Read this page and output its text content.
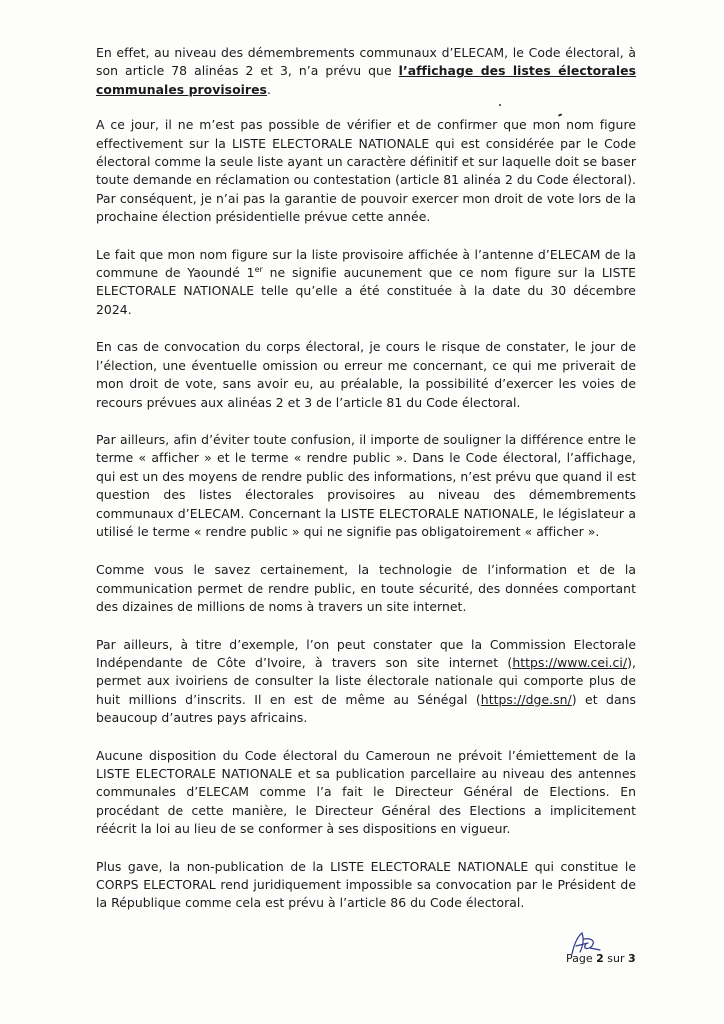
En effet, au niveau des démembrements communaux d’ELECAM, le Code électoral, à son article 78 alinéas 2 et 3, n’a prévu que l’affichage des listes électorales communales provisoires.

A ce jour, il ne m’est pas possible de vérifier et de confirmer que mon nom figure effectivement sur la LISTE ELECTORALE NATIONALE qui est considérée par le Code électoral comme la seule liste ayant un caractère définitif et sur laquelle doit se baser toute demande en réclamation ou contestation (article 81 alinéa 2 du Code électoral). Par conséquent, je n’ai pas la garantie de pouvoir exercer mon droit de vote lors de la prochaine élection présidentielle prévue cette année.

Le fait que mon nom figure sur la liste provisoire affichée à l’antenne d’ELECAM de la commune de Yaoundé 1er ne signifie aucunement que ce nom figure sur la LISTE ELECTORALE NATIONALE telle qu’elle a été constituée à la date du 30 décembre 2024.

En cas de convocation du corps électoral, je cours le risque de constater, le jour de l’élection, une éventuelle omission ou erreur me concernant, ce qui me priverait de mon droit de vote, sans avoir eu, au préalable, la possibilité d’exercer les voies de recours prévues aux alinéas 2 et 3 de l’article 81 du Code électoral.

Par ailleurs, afin d’éviter toute confusion, il importe de souligner la différence entre le terme « afficher » et le terme « rendre public ». Dans le Code électoral, l’affichage, qui est un des moyens de rendre public des informations, n’est prévu que quand il est question des listes électorales provisoires au niveau des démembrements communaux d’ELECAM. Concernant la LISTE ELECTORALE NATIONALE, le législateur a utilisé le terme « rendre public » qui ne signifie pas obligatoirement « afficher ».

Comme vous le savez certainement, la technologie de l’information et de la communication permet de rendre public, en toute sécurité, des données comportant des dizaines de millions de noms à travers un site internet.

Par ailleurs, à titre d’exemple, l’on peut constater que la Commission Electorale Indépendante de Côte d’Ivoire, à travers son site internet (https://www.cei.ci/), permet aux ivoiriens de consulter la liste électorale nationale qui comporte plus de huit millions d’inscrits. Il en est de même au Sénégal (https://dge.sn/) et dans beaucoup d’autres pays africains.

Aucune disposition du Code électoral du Cameroun ne prévoit l’émiettement de la LISTE ELECTORALE NATIONALE et sa publication parcellaire au niveau des antennes communales d’ELECAM comme l’a fait le Directeur Général de Elections. En procédant de cette manière, le Directeur Général des Elections a implicitement réécrit la loi au lieu de se conformer à ses dispositions en vigueur.

Plus gave, la non-publication de la LISTE ELECTORALE NATIONALE qui constitue le CORPS ELECTORAL rend juridiquement impossible sa convocation par le Président de la République comme cela est prévu à l’article 86 du Code électoral.

Page 2 sur 3
